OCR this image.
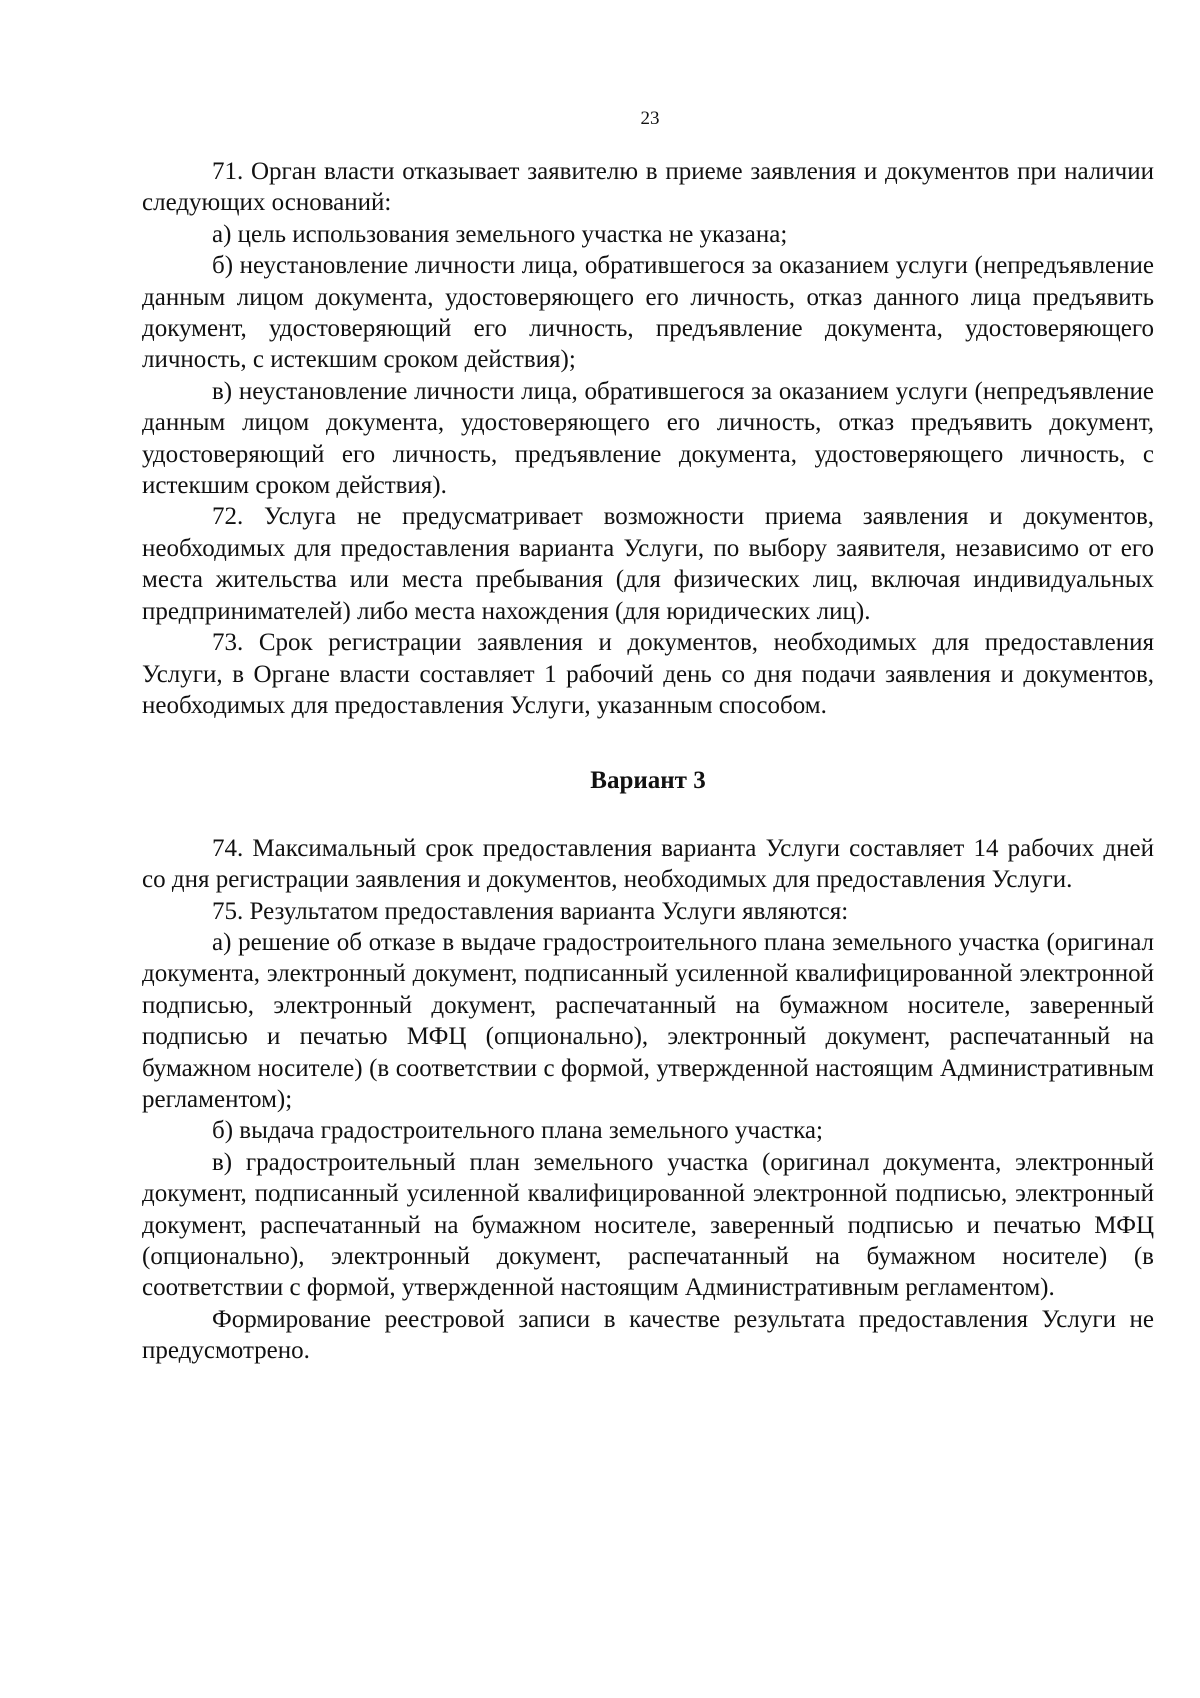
23

71. Орган власти отказывает заявителю в приеме заявления и документов при наличии следующих оснований:

а) цель использования земельного участка не указана;

б) неустановление личности лица, обратившегося за оказанием услуги (непредъявление данным лицом документа, удостоверяющего его личность, отказ данного лица предъявить документ, удостоверяющий его личность, предъявление документа, удостоверяющего личность, с истекшим сроком действия);

в) неустановление личности лица, обратившегося за оказанием услуги (непредъявление данным лицом документа, удостоверяющего его личность, отказ предъявить документ, удостоверяющий его личность, предъявление документа, удостоверяющего личность, с истекшим сроком действия).

72. Услуга не предусматривает возможности приема заявления и документов, необходимых для предоставления варианта Услуги, по выбору заявителя, независимо от его места жительства или места пребывания (для физических лиц, включая индивидуальных предпринимателей) либо места нахождения (для юридических лиц).

73. Срок регистрации заявления и документов, необходимых для предоставления Услуги, в Органе власти составляет 1 рабочий день со дня подачи заявления и документов, необходимых для предоставления Услуги, указанным способом.

Вариант 3

74. Максимальный срок предоставления варианта Услуги составляет 14 рабочих дней со дня регистрации заявления и документов, необходимых для предоставления Услуги.

75. Результатом предоставления варианта Услуги являются:

а) решение об отказе в выдаче градостроительного плана земельного участка (оригинал документа, электронный документ, подписанный усиленной квалифицированной электронной подписью, электронный документ, распечатанный на бумажном носителе, заверенный подписью и печатью МФЦ (опционально), электронный документ, распечатанный на бумажном носителе) (в соответствии с формой, утвержденной настоящим Административным регламентом);

б) выдача градостроительного плана земельного участка;

в) градостроительный план земельного участка (оригинал документа, электронный документ, подписанный усиленной квалифицированной электронной подписью, электронный документ, распечатанный на бумажном носителе, заверенный подписью и печатью МФЦ (опционально), электронный документ, распечатанный на бумажном носителе) (в соответствии с формой, утвержденной настоящим Административным регламентом).

Формирование реестровой записи в качестве результата предоставления Услуги не предусмотрено.
